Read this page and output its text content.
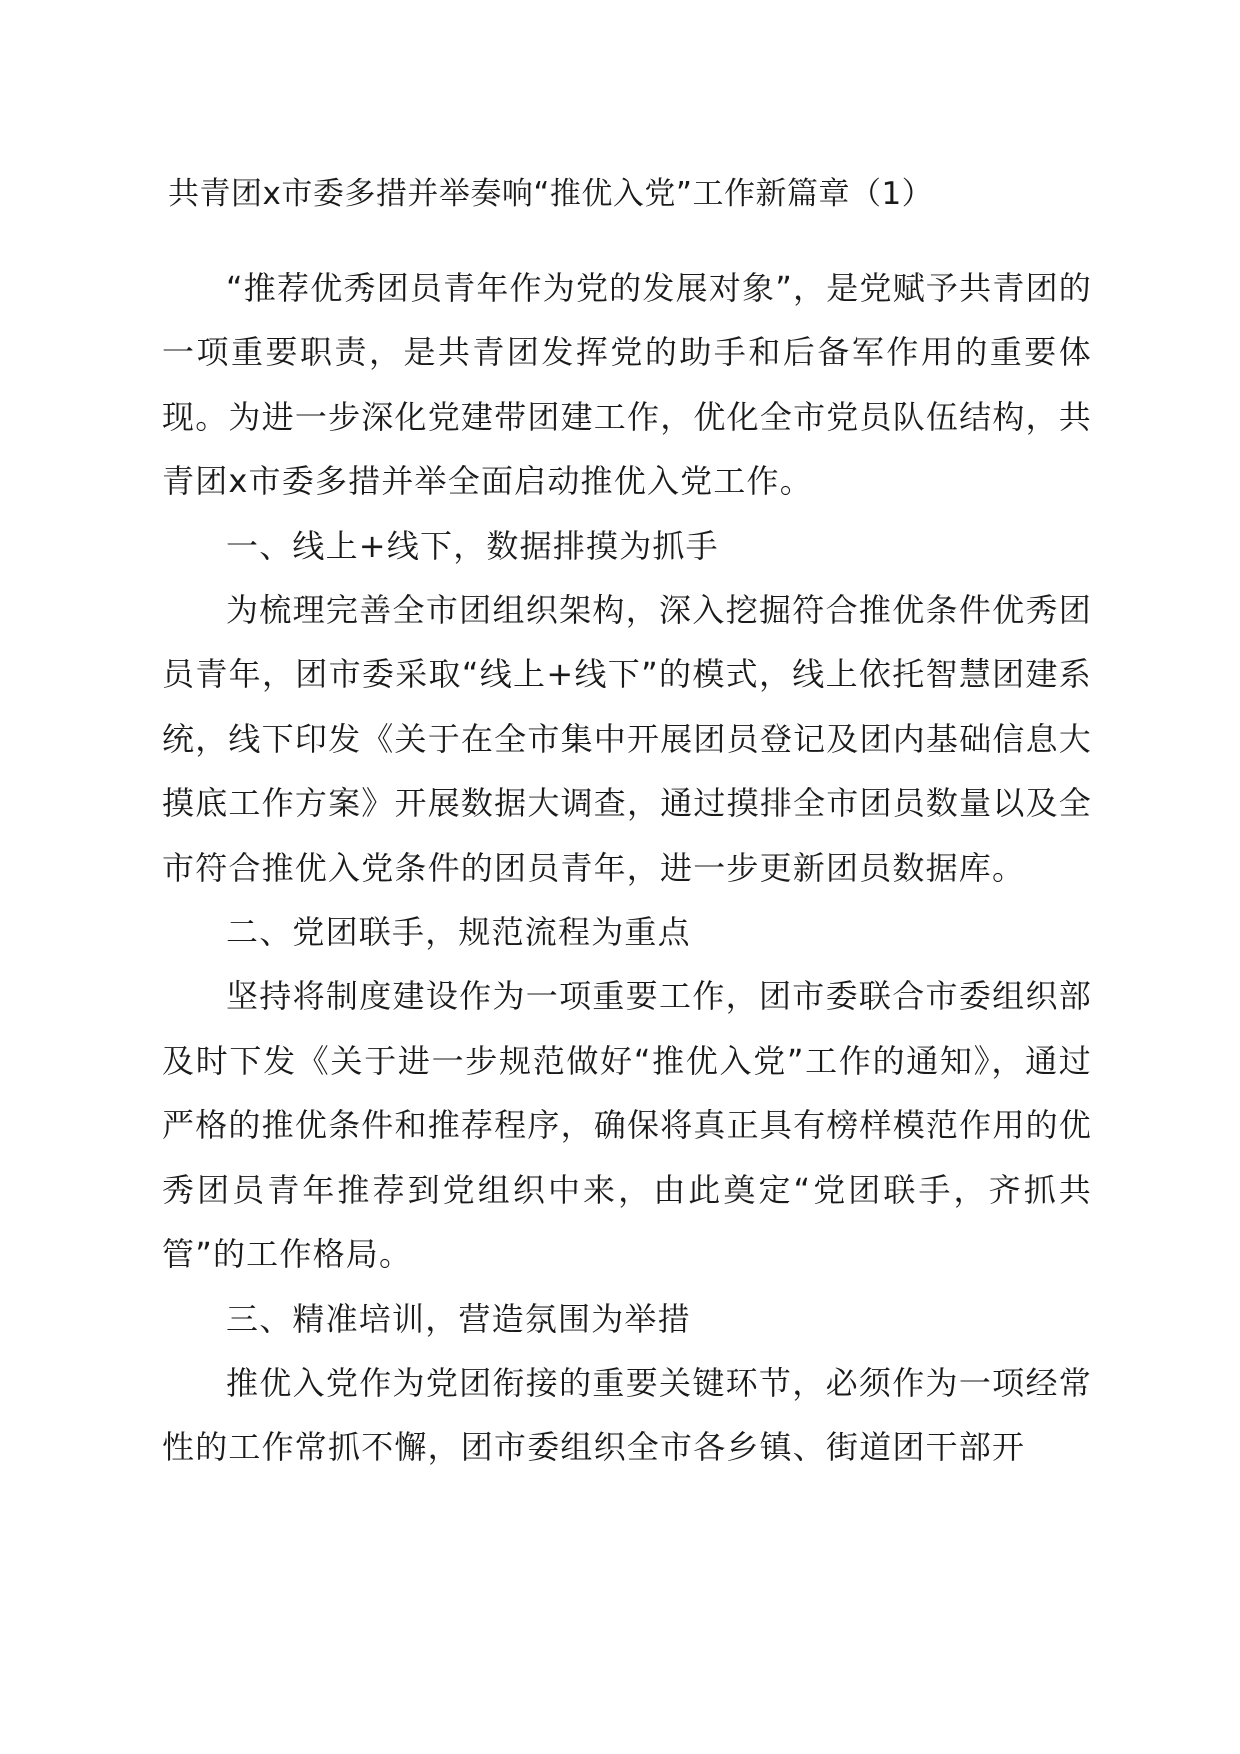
共青团x市委多措并举奏响“推优入党”工作新篇章（1）

“推荐优秀团员青年作为党的发展对象”，是党赋予共青团的一项重要职责，是共青团发挥党的助手和后备军作用的重要体现。为进一步深化党建带团建工作，优化全市党员队伍结构，共青团x市委多措并举全面启动推优入党工作。

一、线上+线下，数据排摸为抓手

为梳理完善全市团组织架构，深入挖掘符合推优条件优秀团员青年，团市委采取“线上+线下”的模式，线上依托智慧团建系统，线下印发《关于在全市集中开展团员登记及团内基础信息大摸底工作方案》开展数据大调查，通过摸排全市团员数量以及全市符合推优入党条件的团员青年，进一步更新团员数据库。

二、党团联手，规范流程为重点

坚持将制度建设作为一项重要工作，团市委联合市委组织部及时下发《关于进一步规范做好“推优入党”工作的通知》，通过严格的推优条件和推荐程序，确保将真正具有榜样模范作用的优秀团员青年推荐到党组织中来，由此奠定“党团联手，齐抓共管”的工作格局。

三、精准培训，营造氛围为举措

推优入党作为党团衔接的重要关键环节，必须作为一项经常性的工作常抓不懈，团市委组织全市各乡镇、街道团干部开
